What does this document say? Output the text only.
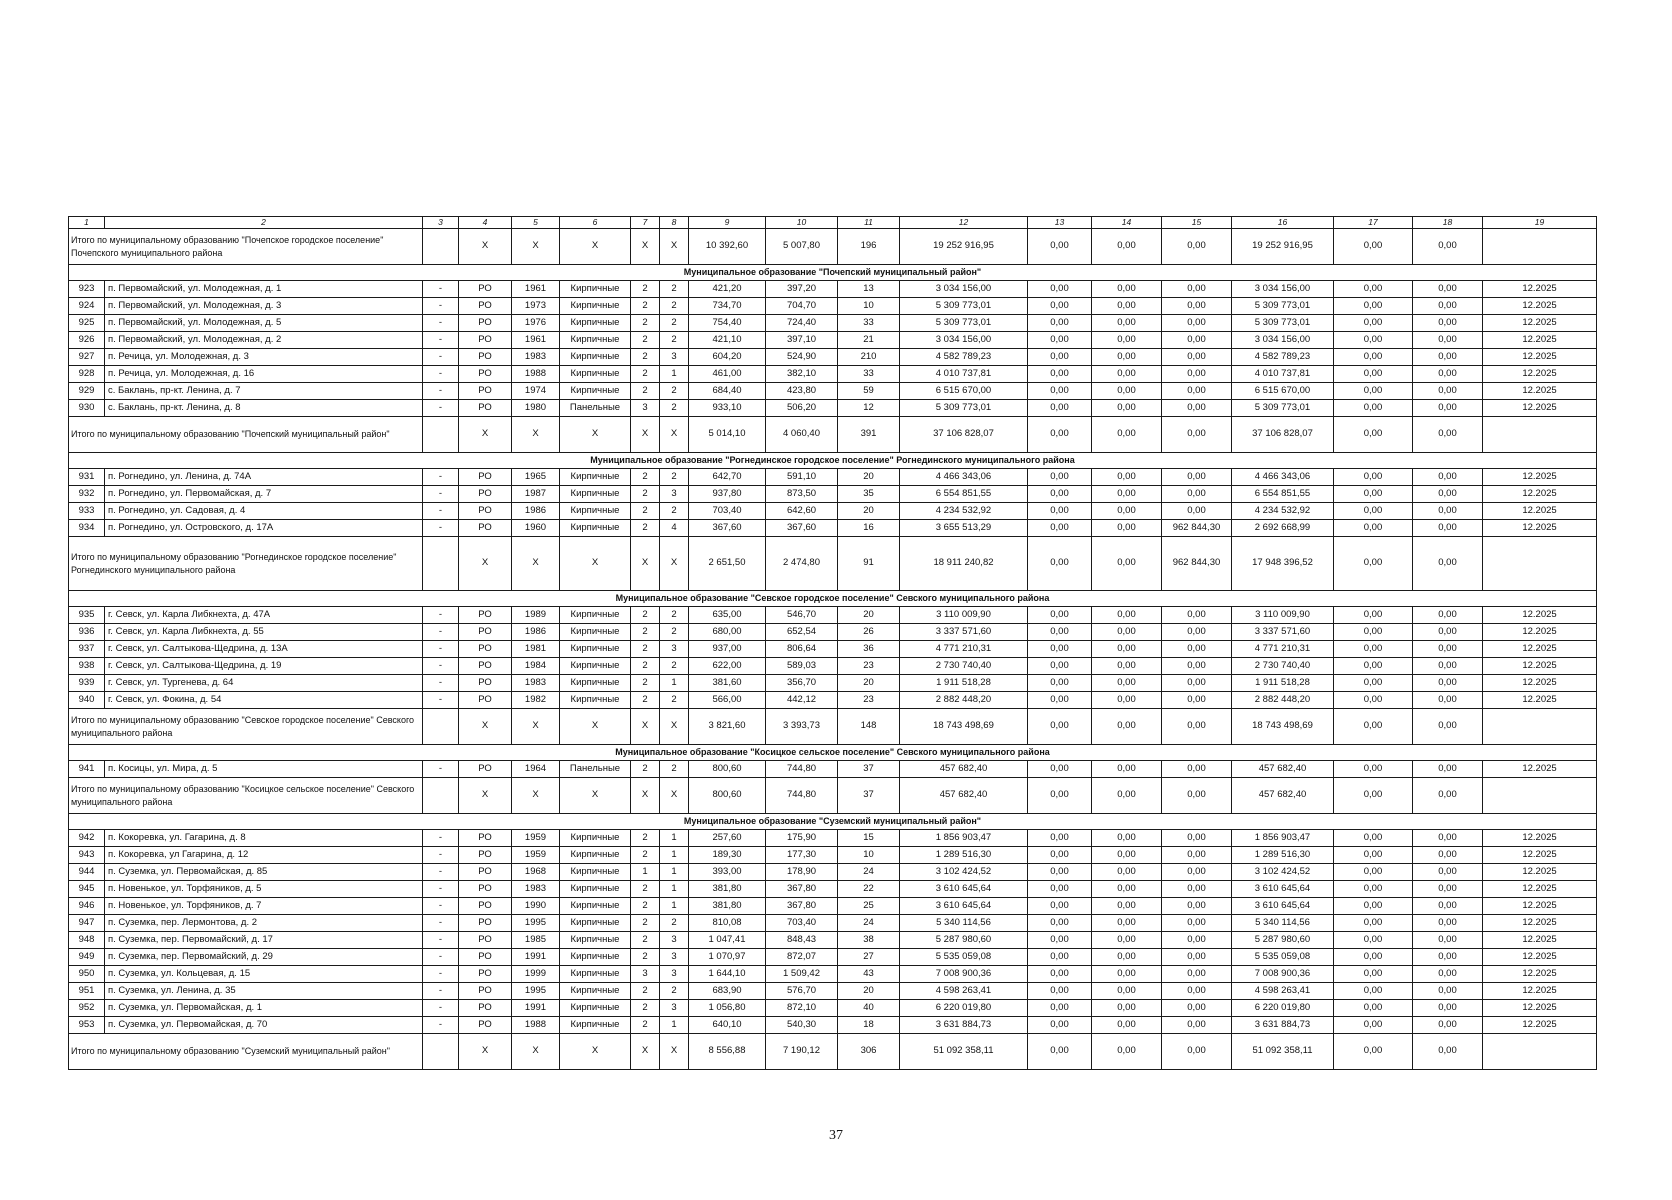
1	2	3	4	5	6	7	8	9	10	11	12	13	14	15	16	17	18	19
Итого по муниципальному образованию "Почепское городское поселение" Почепского муниципального района			X	X	X	X	X	10 392,60	5 007,80	196	19 252 916,95	0,00	0,00	0,00	19 252 916,95	0,00	0,00	
Муниципальное образование "Почепский муниципальный район"																		
923	п. Первомайский, ул. Молодежная, д. 1	-	РО	1961	Кирпичные	2	2	421,20	397,20	13	3 034 156,00	0,00	0,00	0,00	3 034 156,00	0,00	0,00	12.2025
924	п. Первомайский, ул. Молодежная, д. 3	-	РО	1973	Кирпичные	2	2	734,70	704,70	10	5 309 773,01	0,00	0,00	0,00	5 309 773,01	0,00	0,00	12.2025
925	п. Первомайский, ул. Молодежная, д. 5	-	РО	1976	Кирпичные	2	2	754,40	724,40	33	5 309 773,01	0,00	0,00	0,00	5 309 773,01	0,00	0,00	12.2025
926	п. Первомайский, ул. Молодежная, д. 2	-	РО	1961	Кирпичные	2	2	421,10	397,10	21	3 034 156,00	0,00	0,00	0,00	3 034 156,00	0,00	0,00	12.2025
927	п. Речица, ул. Молодежная, д. 3	-	РО	1983	Кирпичные	2	3	604,20	524,90	210	4 582 789,23	0,00	0,00	0,00	4 582 789,23	0,00	0,00	12.2025
928	п. Речица, ул. Молодежная, д. 16	-	РО	1988	Кирпичные	2	1	461,00	382,10	33	4 010 737,81	0,00	0,00	0,00	4 010 737,81	0,00	0,00	12.2025
929	с. Баклань, пр-кт. Ленина, д. 7	-	РО	1974	Кирпичные	2	2	684,40	423,80	59	6 515 670,00	0,00	0,00	0,00	6 515 670,00	0,00	0,00	12.2025
930	с. Баклань, пр-кт. Ленина, д. 8	-	РО	1980	Панельные	3	2	933,10	506,20	12	5 309 773,01	0,00	0,00	0,00	5 309 773,01	0,00	0,00	12.2025
Итого по муниципальному образованию "Почепский муниципальный район"			X	X	X	X	X	5 014,10	4 060,40	391	37 106 828,07	0,00	0,00	0,00	37 106 828,07	0,00	0,00	
Муниципальное образование "Рогнединское городское поселение" Рогнединского муниципального района																		
931	п. Рогнедино, ул. Ленина, д. 74А	-	РО	1965	Кирпичные	2	2	642,70	591,10	20	4 466 343,06	0,00	0,00	0,00	4 466 343,06	0,00	0,00	12.2025
932	п. Рогнедино, ул. Первомайская, д. 7	-	РО	1987	Кирпичные	2	3	937,80	873,50	35	6 554 851,55	0,00	0,00	0,00	6 554 851,55	0,00	0,00	12.2025
933	п. Рогнедино, ул. Садовая, д. 4	-	РО	1986	Кирпичные	2	2	703,40	642,60	20	4 234 532,92	0,00	0,00	0,00	4 234 532,92	0,00	0,00	12.2025
934	п. Рогнедино, ул. Островского, д. 17А	-	РО	1960	Кирпичные	2	4	367,60	367,60	16	3 655 513,29	0,00	0,00	962 844,30	2 692 668,99	0,00	0,00	12.2025
Итого по муниципальному образованию "Рогнединское городское поселение" Рогнединского муниципального района			X	X	X	X	X	2 651,50	2 474,80	91	18 911 240,82	0,00	0,00	962 844,30	17 948 396,52	0,00	0,00	
Муниципальное образование "Севское городское поселение" Севского муниципального района																		
935	г. Севск, ул. Карла Либкнехта, д. 47А	-	РО	1989	Кирпичные	2	2	635,00	546,70	20	3 110 009,90	0,00	0,00	0,00	3 110 009,90	0,00	0,00	12.2025
936	г. Севск, ул. Карла Либкнехта, д. 55	-	РО	1986	Кирпичные	2	2	680,00	652,54	26	3 337 571,60	0,00	0,00	0,00	3 337 571,60	0,00	0,00	12.2025
937	г. Севск, ул. Салтыкова-Щедрина, д. 13А	-	РО	1981	Кирпичные	2	3	937,00	806,64	36	4 771 210,31	0,00	0,00	0,00	4 771 210,31	0,00	0,00	12.2025
938	г. Севск, ул. Салтыкова-Щедрина, д. 19	-	РО	1984	Кирпичные	2	2	622,00	589,03	23	2 730 740,40	0,00	0,00	0,00	2 730 740,40	0,00	0,00	12.2025
939	г. Севск, ул. Тургенева, д. 64	-	РО	1983	Кирпичные	2	1	381,60	356,70	20	1 911 518,28	0,00	0,00	0,00	1 911 518,28	0,00	0,00	12.2025
940	г. Севск, ул. Фокина, д. 54	-	РО	1982	Кирпичные	2	2	566,00	442,12	23	2 882 448,20	0,00	0,00	0,00	2 882 448,20	0,00	0,00	12.2025
Итого по муниципальному образованию "Севское городское поселение" Севского муниципального района			X	X	X	X	X	3 821,60	3 393,73	148	18 743 498,69	0,00	0,00	0,00	18 743 498,69	0,00	0,00	
Муниципальное образование "Косицкое сельское поселение" Севского муниципального района																		
941	п. Косицы, ул. Мира, д. 5	-	РО	1964	Панельные	2	2	800,60	744,80	37	457 682,40	0,00	0,00	0,00	457 682,40	0,00	0,00	12.2025
Итого по муниципальному образованию "Косицкое сельское поселение" Севского муниципального района			X	X	X	X	X	800,60	744,80	37	457 682,40	0,00	0,00	0,00	457 682,40	0,00	0,00	
Муниципальное образование "Суземский муниципальный район"																		
942	п. Кокоревка, ул. Гагарина, д. 8	-	РО	1959	Кирпичные	2	1	257,60	175,90	15	1 856 903,47	0,00	0,00	0,00	1 856 903,47	0,00	0,00	12.2025
943	п. Кокоревка, ул Гагарина, д. 12	-	РО	1959	Кирпичные	2	1	189,30	177,30	10	1 289 516,30	0,00	0,00	0,00	1 289 516,30	0,00	0,00	12.2025
944	п. Суземка, ул. Первомайская, д. 85	-	РО	1968	Кирпичные	1	1	393,00	178,90	24	3 102 424,52	0,00	0,00	0,00	3 102 424,52	0,00	0,00	12.2025
945	п. Новенькое, ул. Торфяников, д. 5	-	РО	1983	Кирпичные	2	1	381,80	367,80	22	3 610 645,64	0,00	0,00	0,00	3 610 645,64	0,00	0,00	12.2025
946	п. Новенькое, ул. Торфяников, д. 7	-	РО	1990	Кирпичные	2	1	381,80	367,80	25	3 610 645,64	0,00	0,00	0,00	3 610 645,64	0,00	0,00	12.2025
947	п. Суземка, пер. Лермонтова, д. 2	-	РО	1995	Кирпичные	2	2	810,08	703,40	24	5 340 114,56	0,00	0,00	0,00	5 340 114,56	0,00	0,00	12.2025
948	п. Суземка, пер. Первомайский, д. 17	-	РО	1985	Кирпичные	2	3	1 047,41	848,43	38	5 287 980,60	0,00	0,00	0,00	5 287 980,60	0,00	0,00	12.2025
949	п. Суземка, пер. Первомайский, д. 29	-	РО	1991	Кирпичные	2	3	1 070,97	872,07	27	5 535 059,08	0,00	0,00	0,00	5 535 059,08	0,00	0,00	12.2025
950	п. Суземка, ул. Кольцевая, д. 15	-	РО	1999	Кирпичные	3	3	1 644,10	1 509,42	43	7 008 900,36	0,00	0,00	0,00	7 008 900,36	0,00	0,00	12.2025
951	п. Суземка, ул. Ленина, д. 35	-	РО	1995	Кирпичные	2	2	683,90	576,70	20	4 598 263,41	0,00	0,00	0,00	4 598 263,41	0,00	0,00	12.2025
952	п. Суземка, ул. Первомайская, д. 1	-	РО	1991	Кирпичные	2	3	1 056,80	872,10	40	6 220 019,80	0,00	0,00	0,00	6 220 019,80	0,00	0,00	12.2025
953	п. Суземка, ул. Первомайская, д. 70	-	РО	1988	Кирпичные	2	1	640,10	540,30	18	3 631 884,73	0,00	0,00	0,00	3 631 884,73	0,00	0,00	12.2025
Итого по муниципальному образованию "Суземский муниципальный район"			X	X	X	X	X	8 556,88	7 190,12	306	51 092 358,11	0,00	0,00	0,00	51 092 358,11	0,00	0,00	
37
